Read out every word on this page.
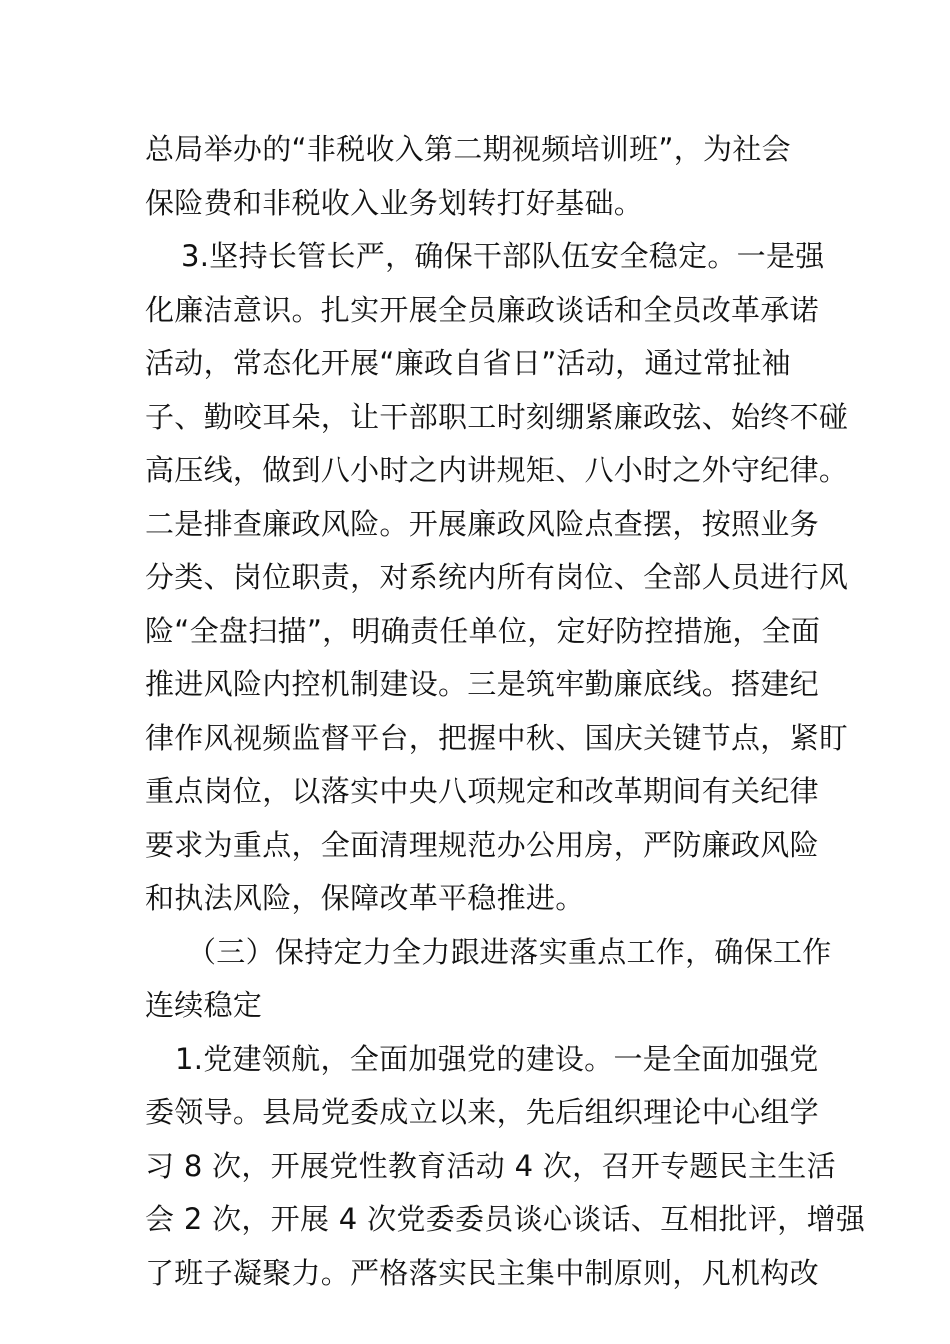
总局举办的“非税收入第二期视频培训班”，为社会
保险费和非税收入业务划转打好基础。
3.坚持长管长严，确保干部队伍安全稳定。一是强
化廉洁意识。扎实开展全员廉政谈话和全员改革承诺
活动，常态化开展“廉政自省日”活动，通过常扯袖
子、勤咬耳朵，让干部职工时刻绷紧廉政弦、始终不碰
高压线，做到八小时之内讲规矩、八小时之外守纪律。
二是排查廉政风险。开展廉政风险点查摆，按照业务
分类、岗位职责，对系统内所有岗位、全部人员进行风
险“全盘扫描”，明确责任单位，定好防控措施，全面
推进风险内控机制建设。三是筑牢勤廉底线。搭建纪
律作风视频监督平台，把握中秋、国庆关键节点，紧盯
重点岗位，以落实中央八项规定和改革期间有关纪律
要求为重点，全面清理规范办公用房，严防廉政风险
和执法风险，保障改革平稳推进。
（三）保持定力全力跟进落实重点工作，确保工作
连续稳定
1.党建领航，全面加强党的建设。一是全面加强党
委领导。县局党委成立以来，先后组织理论中心组学
习 8 次，开展党性教育活动 4 次，召开专题民主生活
会 2 次，开展 4 次党委委员谈心谈话、互相批评，增强
了班子凝聚力。严格落实民主集中制原则，凡机构改
